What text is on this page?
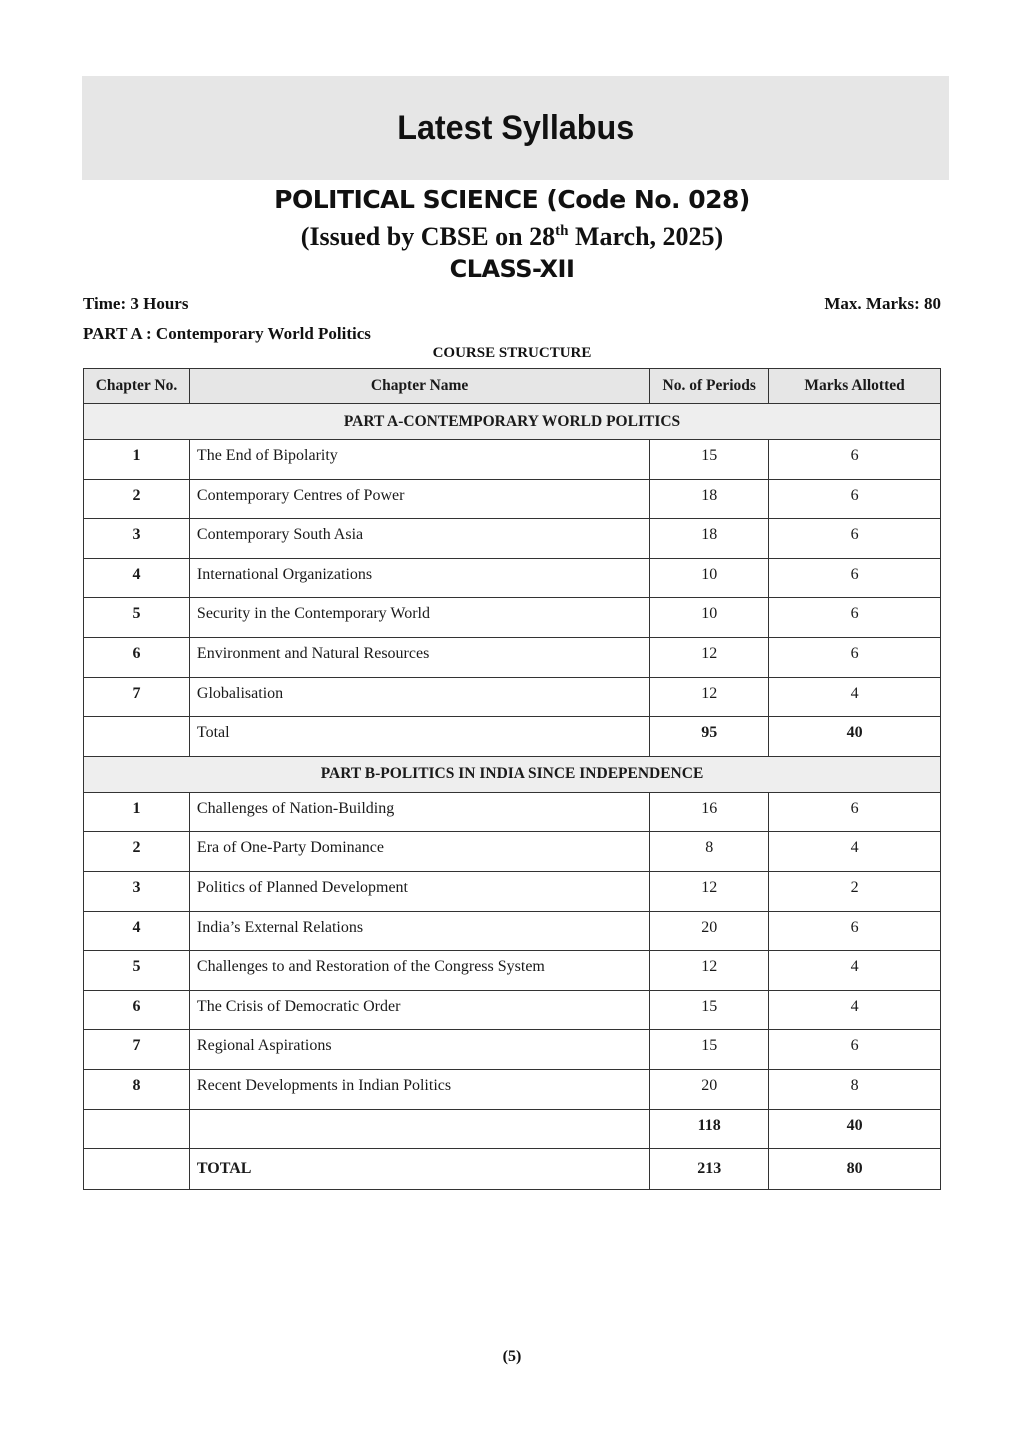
Latest Syllabus
POLITICAL SCIENCE (Code No. 028)
(Issued by CBSE on 28th March, 2025)
CLASS-XII
Time: 3 Hours	Max. Marks: 80
PART A : Contemporary World Politics
COURSE STRUCTURE
Chapter No.	Chapter Name	No. of Periods	Marks Allotted
PART A-CONTEMPORARY WORLD POLITICS			
1	The End of Bipolarity	15	6
2	Contemporary Centres of Power	18	6
3	Contemporary South Asia	18	6
4	International Organizations	10	6
5	Security in the Contemporary World	10	6
6	Environment and Natural Resources	12	6
7	Globalisation	12	4
	Total	95	40
PART B-POLITICS IN INDIA SINCE INDEPENDENCE			
1	Challenges of Nation-Building	16	6
2	Era of One-Party Dominance	8	4
3	Politics of Planned Development	12	2
4	India’s External Relations	20	6
5	Challenges to and Restoration of the Congress System	12	4
6	The Crisis of Democratic Order	15	4
7	Regional Aspirations	15	6
8	Recent Developments in Indian Politics	20	8
		118	40
	TOTAL	213	80
(5)
